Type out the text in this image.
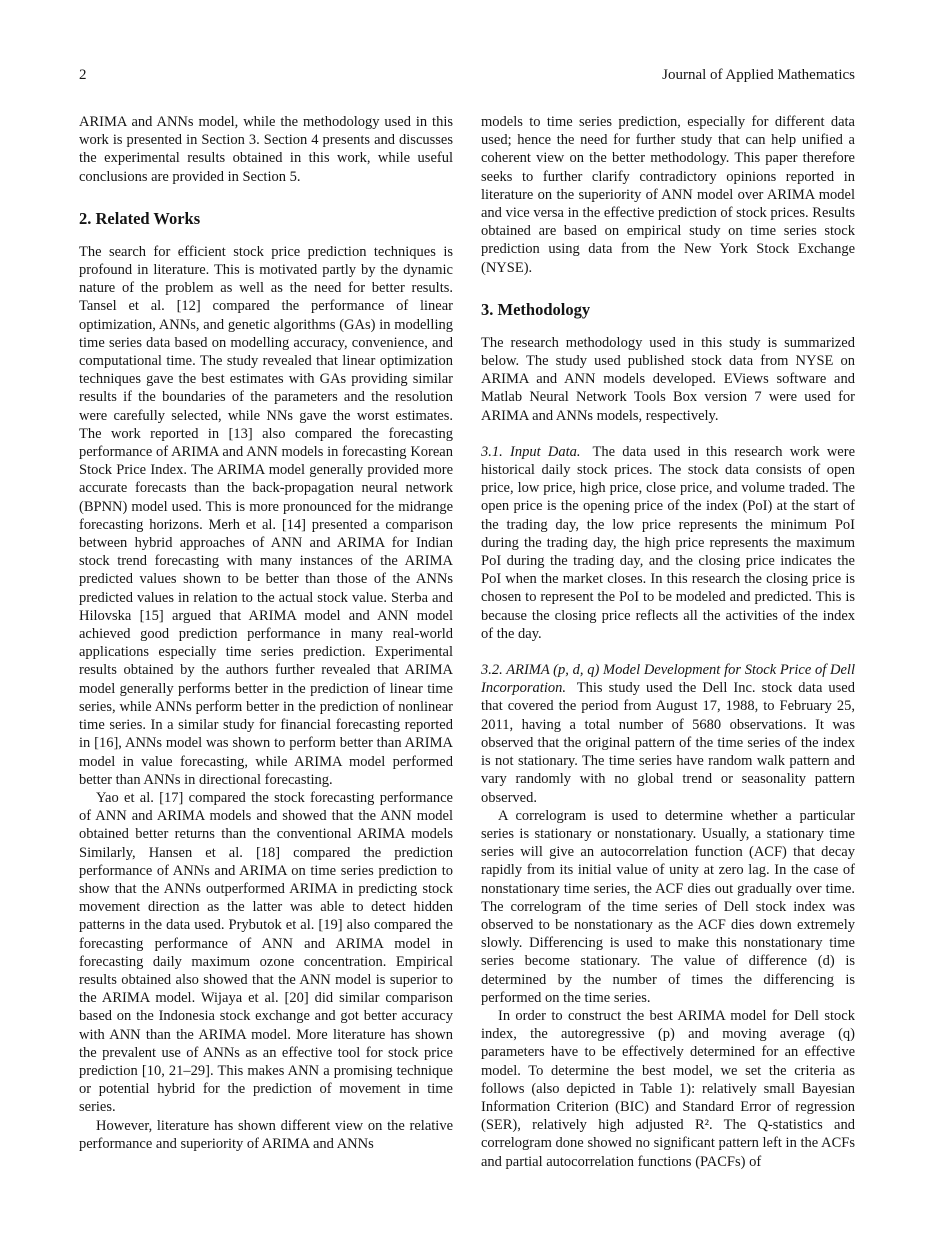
2	Journal of Applied Mathematics

ARIMA and ANNs model, while the methodology used in this work is presented in Section 3. Section 4 presents and discusses the experimental results obtained in this work, while useful conclusions are provided in Section 5.

2. Related Works

The search for efficient stock price prediction techniques is profound in literature. This is motivated partly by the dynamic nature of the problem as well as the need for better results. Tansel et al. [12] compared the performance of linear optimization, ANNs, and genetic algorithms (GAs) in modelling time series data based on modelling accuracy, convenience, and computational time. The study revealed that linear optimization techniques gave the best estimates with GAs providing similar results if the boundaries of the parameters and the resolution were carefully selected, while NNs gave the worst estimates. The work reported in [13] also compared the forecasting performance of ARIMA and ANN models in forecasting Korean Stock Price Index. The ARIMA model generally provided more accurate forecasts than the back-propagation neural network (BPNN) model used. This is more pronounced for the midrange forecasting horizons. Merh et al. [14] presented a comparison between hybrid approaches of ANN and ARIMA for Indian stock trend forecasting with many instances of the ARIMA predicted values shown to be better than those of the ANNs predicted values in relation to the actual stock value. Sterba and Hilovska [15] argued that ARIMA model and ANN model achieved good prediction performance in many real-world applications especially time series prediction. Experimental results obtained by the authors further revealed that ARIMA model generally performs better in the prediction of linear time series, while ANNs perform better in the prediction of nonlinear time series. In a similar study for financial forecasting reported in [16], ANNs model was shown to perform better than ARIMA model in value forecasting, while ARIMA model performed better than ANNs in directional forecasting.

Yao et al. [17] compared the stock forecasting performance of ANN and ARIMA models and showed that the ANN model obtained better returns than the conventional ARIMA models Similarly, Hansen et al. [18] compared the prediction performance of ANNs and ARIMA on time series prediction to show that the ANNs outperformed ARIMA in predicting stock movement direction as the latter was able to detect hidden patterns in the data used. Prybutok et al. [19] also compared the forecasting performance of ANN and ARIMA model in forecasting daily maximum ozone concentration. Empirical results obtained also showed that the ANN model is superior to the ARIMA model. Wijaya et al. [20] did similar comparison based on the Indonesia stock exchange and got better accuracy with ANN than the ARIMA model. More literature has shown the prevalent use of ANNs as an effective tool for stock price prediction [10, 21–29]. This makes ANN a promising technique or potential hybrid for the prediction of movement in time series.

However, literature has shown different view on the relative performance and superiority of ARIMA and ANNs

models to time series prediction, especially for different data used; hence the need for further study that can help unified a coherent view on the better methodology. This paper therefore seeks to further clarify contradictory opinions reported in literature on the superiority of ANN model over ARIMA model and vice versa in the effective prediction of stock prices. Results obtained are based on empirical study on time series stock prediction using data from the New York Stock Exchange (NYSE).

3. Methodology

The research methodology used in this study is summarized below. The study used published stock data from NYSE on ARIMA and ANN models developed. EViews software and Matlab Neural Network Tools Box version 7 were used for ARIMA and ANNs models, respectively.

3.1. Input Data. The data used in this research work were historical daily stock prices. The stock data consists of open price, low price, high price, close price, and volume traded. The open price is the opening price of the index (PoI) at the start of the trading day, the low price represents the minimum PoI during the trading day, the high price represents the maximum PoI during the trading day, and the closing price indicates the PoI when the market closes. In this research the closing price is chosen to represent the PoI to be modeled and predicted. This is because the closing price reflects all the activities of the index of the day.

3.2. ARIMA (p, d, q) Model Development for Stock Price of Dell Incorporation. This study used the Dell Inc. stock data used that covered the period from August 17, 1988, to February 25, 2011, having a total number of 5680 observations. It was observed that the original pattern of the time series of the index is not stationary. The time series have random walk pattern and vary randomly with no global trend or seasonality pattern observed.

A correlogram is used to determine whether a particular series is stationary or nonstationary. Usually, a stationary time series will give an autocorrelation function (ACF) that decay rapidly from its initial value of unity at zero lag. In the case of nonstationary time series, the ACF dies out gradually over time. The correlogram of the time series of Dell stock index was observed to be nonstationary as the ACF dies down extremely slowly. Differencing is used to make this nonstationary time series become stationary. The value of difference (d) is determined by the number of times the differencing is performed on the time series.

In order to construct the best ARIMA model for Dell stock index, the autoregressive (p) and moving average (q) parameters have to be effectively determined for an effective model. To determine the best model, we set the criteria as follows (also depicted in Table 1): relatively small Bayesian Information Criterion (BIC) and Standard Error of regression (SER), relatively high adjusted R². The Q-statistics and correlogram done showed no significant pattern left in the ACFs and partial autocorrelation functions (PACFs) of
